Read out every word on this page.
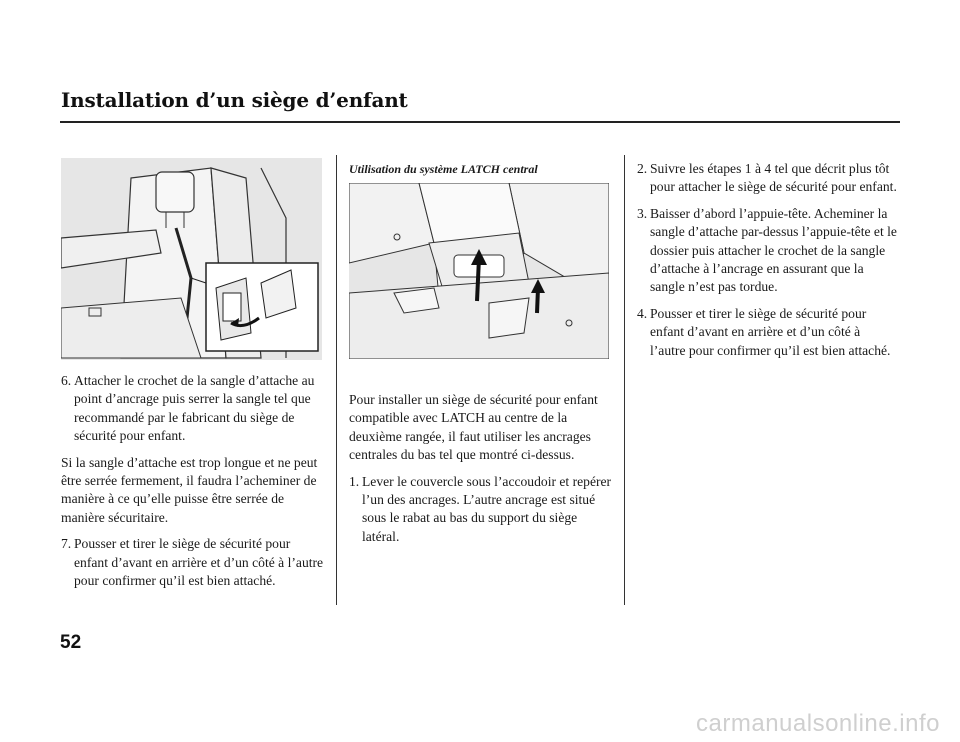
Installation d’un siège d’enfant
6. Attacher le crochet de la sangle d’attache au point d’ancrage puis serrer la sangle tel que recommandé par le fabricant du siège de sécurité pour enfant.

Si la sangle d’attache est trop longue et ne peut être serrée fermement, il faudra l’acheminer de manière à ce qu’elle puisse être serrée de manière sécuritaire.

7. Pousser et tirer le siège de sécurité pour enfant d’avant en arrière et d’un côté à l’autre pour confirmer qu’il est bien attaché.
Utilisation du système LATCH central

Pour installer un siège de sécurité pour enfant compatible avec LATCH au centre de la deuxième rangée, il faut utiliser les ancrages centrales du bas tel que montré ci-dessus.

1. Lever le couvercle sous l’accoudoir et repérer l’un des ancrages. L’autre ancrage est situé sous le rabat au bas du support du siège latéral.
2. Suivre les étapes 1 à 4 tel que décrit plus tôt pour attacher le siège de sécurité pour enfant.
3. Baisser d’abord l’appuie-tête. Acheminer la sangle d’attache par-dessus l’appuie-tête et le dossier puis attacher le crochet de la sangle d’attache à l’ancrage en assurant que la sangle n’est pas tordue.
4. Pousser et tirer le siège de sécurité pour enfant d’avant en arrière et d’un côté à l’autre pour confirmer qu’il est bien attaché.
52
carmanualsonline.info
